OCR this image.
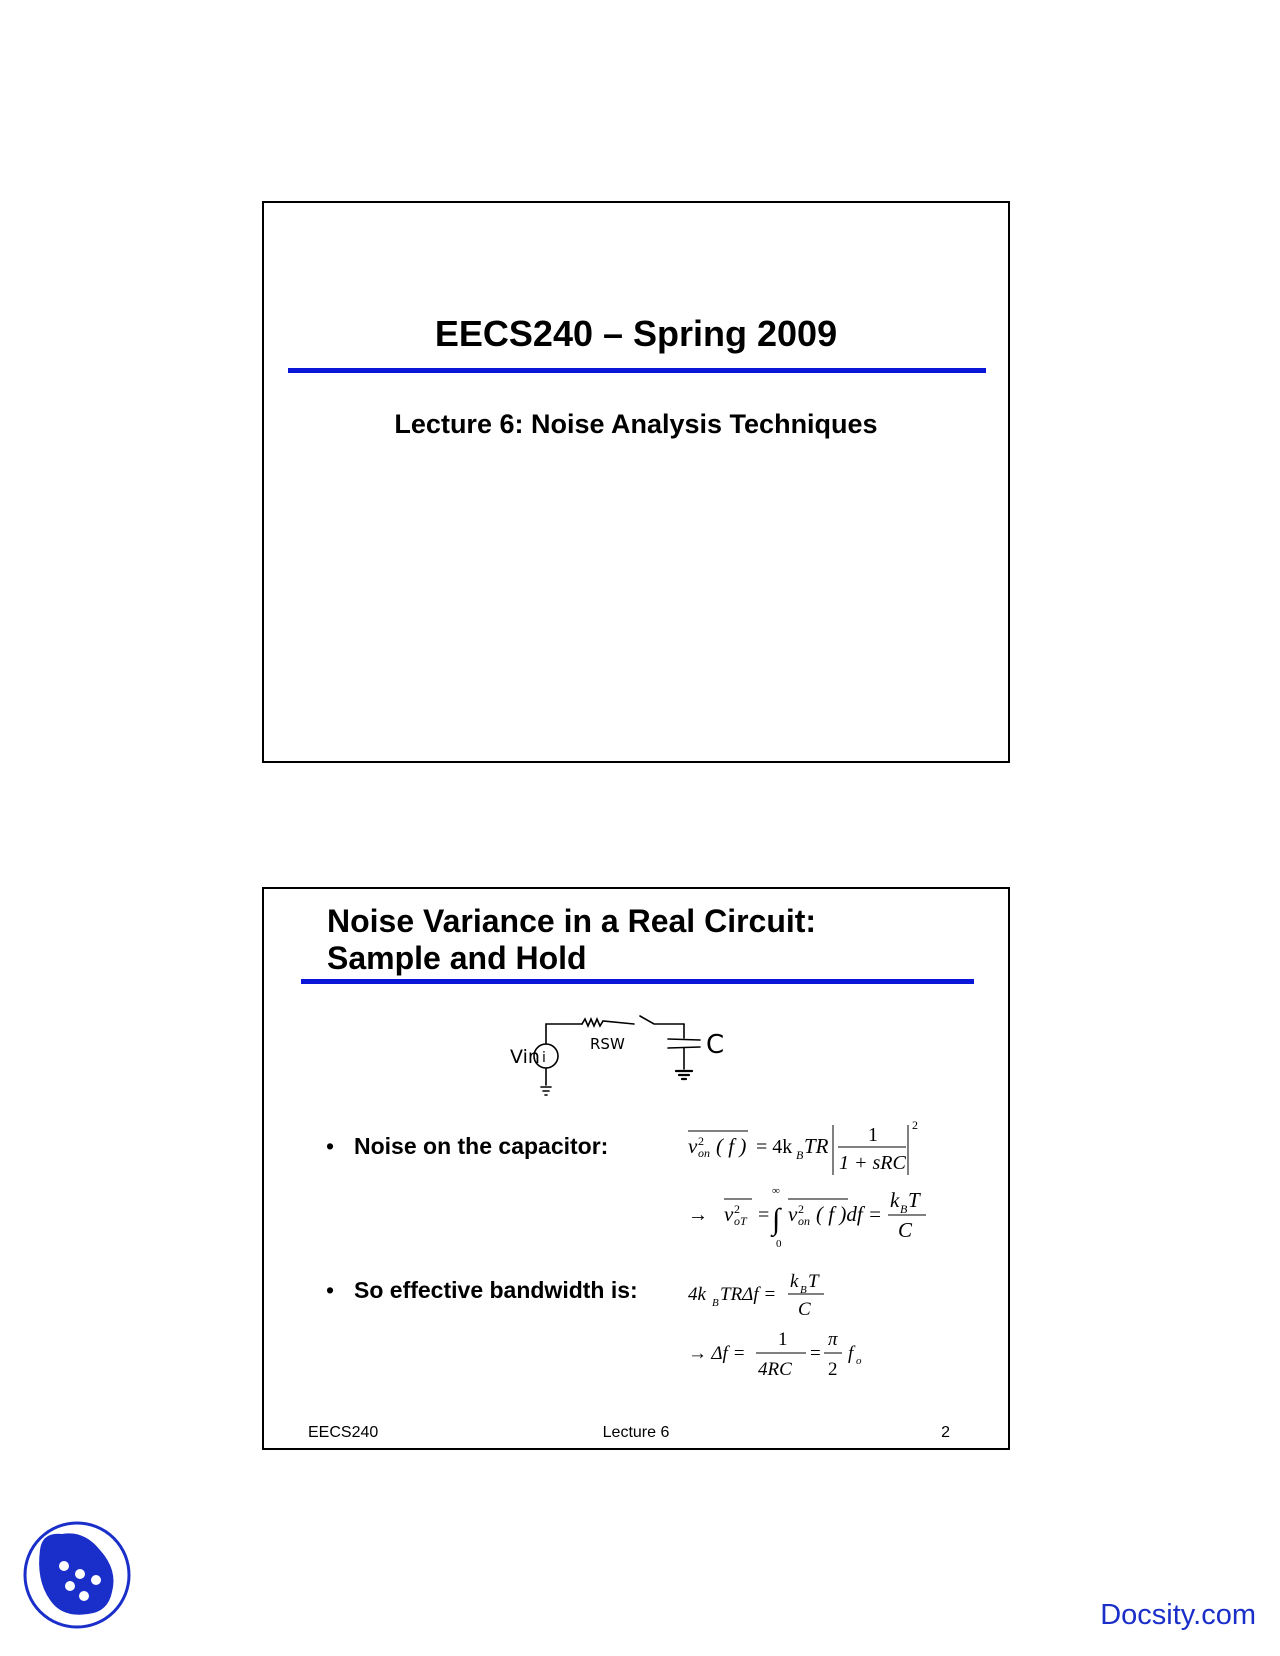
EECS240 – Spring 2009
Lecture 6: Noise Analysis Techniques
Noise Variance in a Real Circuit:
Sample and Hold
Vin i
RSW	C
• Noise on the capacitor:
• So effective bandwidth is:
v 2
on ( f ) = 4k B TR 1
1 + sRC
2
→ v 2
oT =
∞
∫
0
v 2
on ( f )df =
k B T
C
4k B TRΔf =
k B T
C
→ Δf =
1
4RC
=
π
2
f o
EECS240	Lecture 6	2
Docsity.com
